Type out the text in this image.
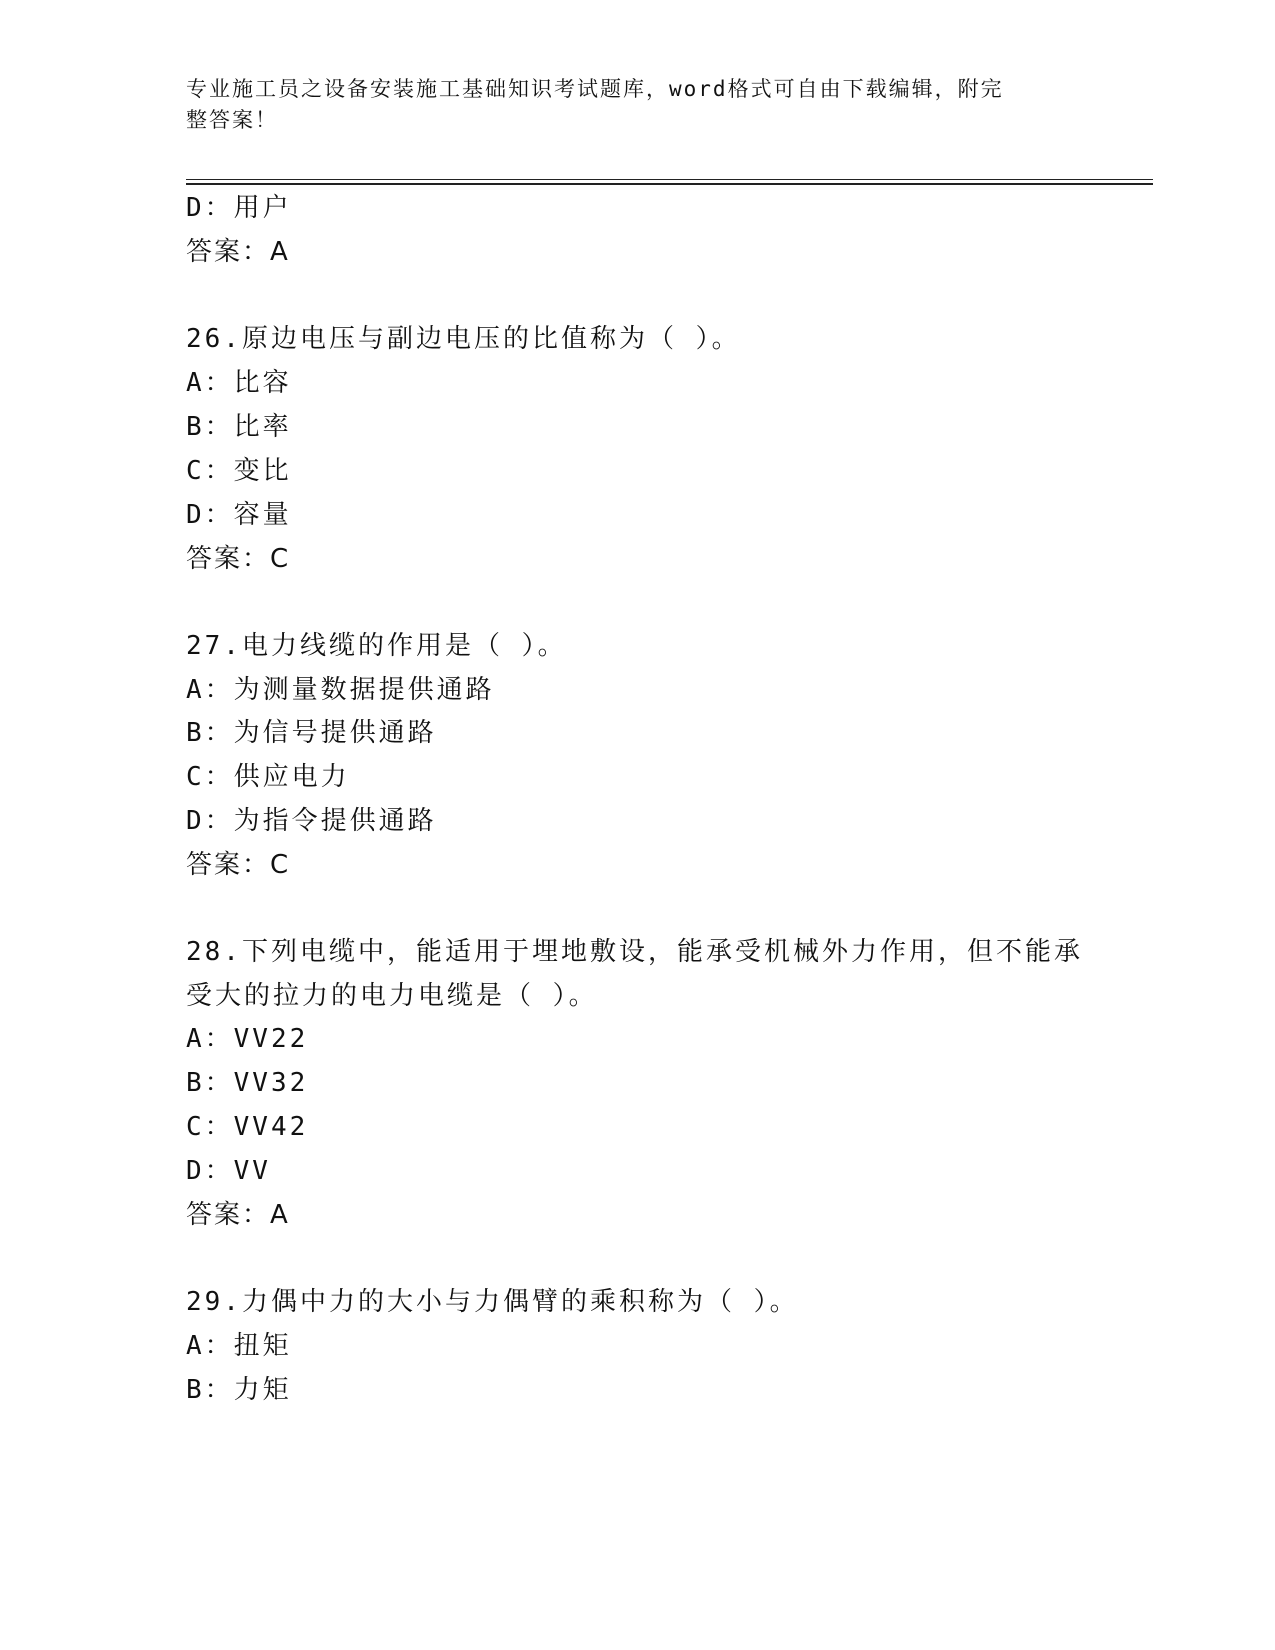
专业施工员之设备安装施工基础知识考试题库，word格式可自由下载编辑，附完
整答案！
D：用户
答案：A
26.原边电压与副边电压的比值称为（ ）。
A：比容
B：比率
C：变比
D：容量
答案：C
27.电力线缆的作用是（ ）。
A：为测量数据提供通路
B：为信号提供通路
C：供应电力
D：为指令提供通路
答案：C
28.下列电缆中，能适用于埋地敷设，能承受机械外力作用，但不能承
受大的拉力的电力电缆是（ ）。
A：VV22
B：VV32
C：VV42
D：VV
答案：A
29.力偶中力的大小与力偶臂的乘积称为（ ）。
A：扭矩
B：力矩
